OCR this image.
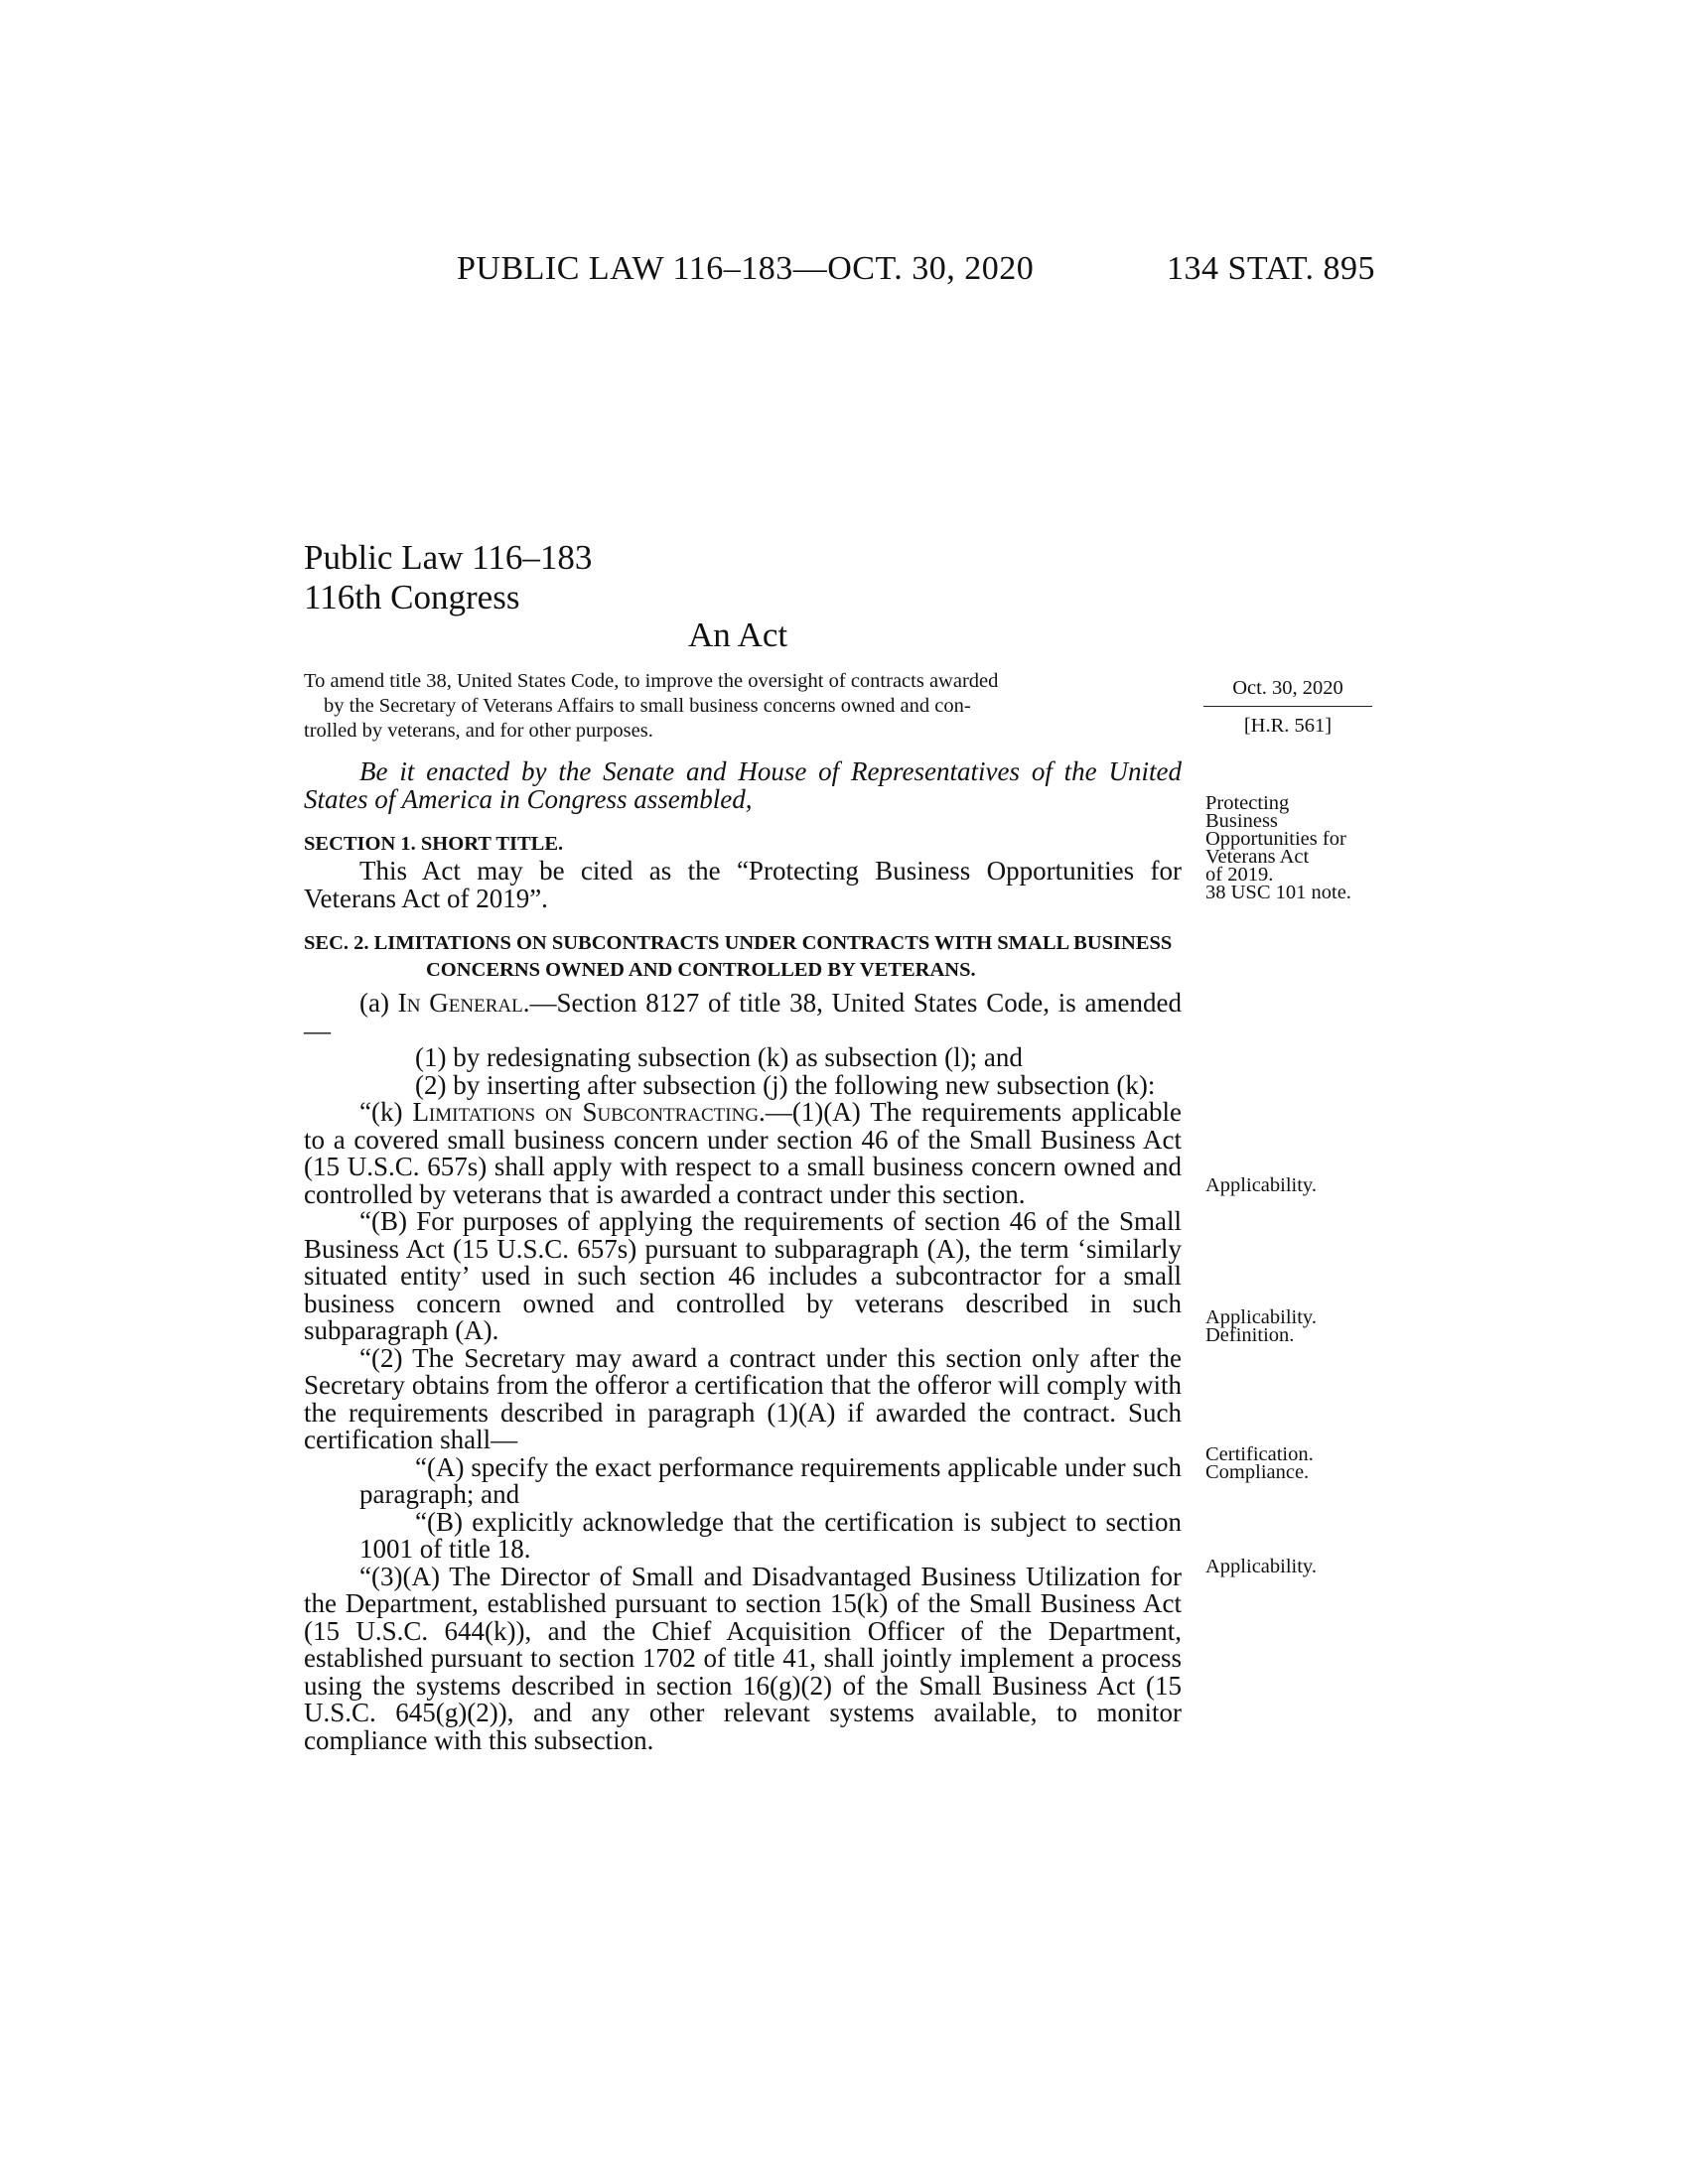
PUBLIC LAW 116–183—OCT. 30, 2020	134 STAT. 895
Public Law 116–183
116th Congress
An Act
To amend title 38, United States Code, to improve the oversight of contracts awarded
by the Secretary of Veterans Affairs to small business concerns owned and con-
trolled by veterans, and for other purposes.
Oct. 30, 2020
[H.R. 561]

Be it enacted by the Senate and House of Representatives of the United States of America in Congress assembled,

SECTION 1. SHORT TITLE.

This Act may be cited as the “Protecting Business Opportunities for Veterans Act of 2019”.

SEC. 2. LIMITATIONS ON SUBCONTRACTS UNDER CONTRACTS WITH SMALL BUSINESS CONCERNS OWNED AND CONTROLLED BY VETERANS.

(a) In General.—Section 8127 of title 38, United States Code, is amended—

(1) by redesignating subsection (k) as subsection (l); and

(2) by inserting after subsection (j) the following new subsection (k):

“(k) Limitations on Subcontracting.—(1)(A) The requirements applicable to a covered small business concern under section 46 of the Small Business Act (15 U.S.C. 657s) shall apply with respect to a small business concern owned and controlled by veterans that is awarded a contract under this section.

“(B) For purposes of applying the requirements of section 46 of the Small Business Act (15 U.S.C. 657s) pursuant to subparagraph (A), the term ‘similarly situated entity’ used in such section 46 includes a subcontractor for a small business concern owned and controlled by veterans described in such subparagraph (A).

“(2) The Secretary may award a contract under this section only after the Secretary obtains from the offeror a certification that the offeror will comply with the requirements described in paragraph (1)(A) if awarded the contract. Such certification shall—

“(A) specify the exact performance requirements applicable under such paragraph; and

“(B) explicitly acknowledge that the certification is subject to section 1001 of title 18.

“(3)(A) The Director of Small and Disadvantaged Business Utilization for the Department, established pursuant to section 15(k) of the Small Business Act (15 U.S.C. 644(k)), and the Chief Acquisition Officer of the Department, established pursuant to section 1702 of title 41, shall jointly implement a process using the systems described in section 16(g)(2) of the Small Business Act (15 U.S.C. 645(g)(2)), and any other relevant systems available, to monitor compliance with this subsection.

Protecting
Business
Opportunities for
Veterans Act
of 2019.
38 USC 101 note.
Applicability.
Applicability.
Definition.
Certification.
Compliance.
Applicability.
